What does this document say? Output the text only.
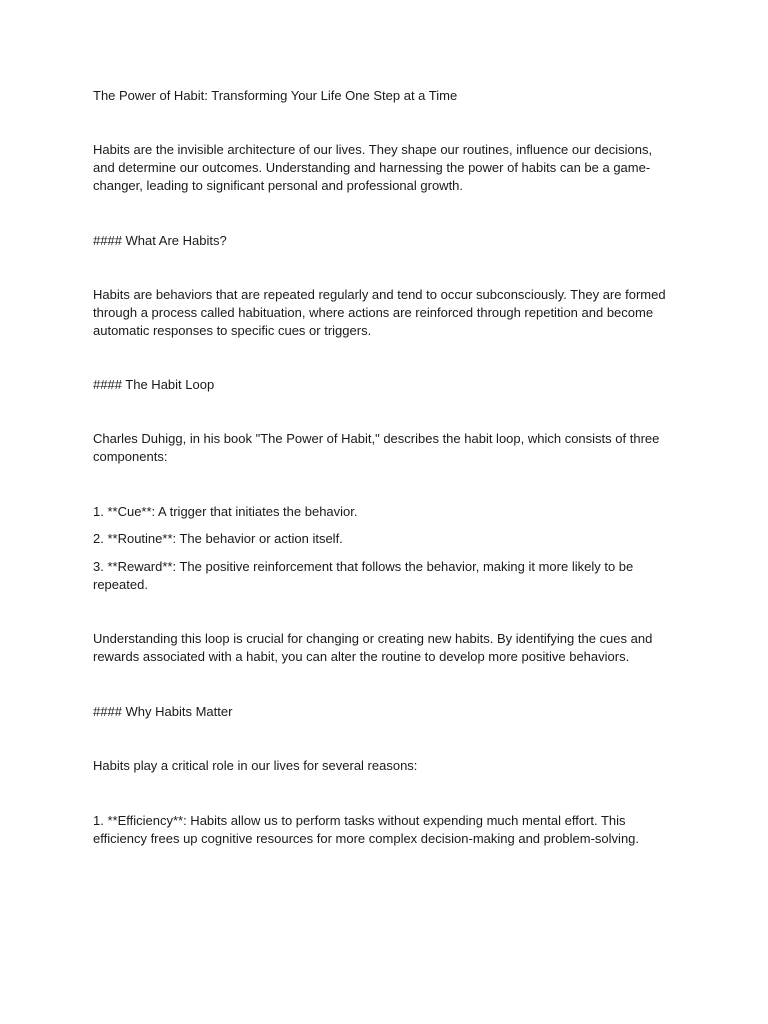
The Power of Habit: Transforming Your Life One Step at a Time

Habits are the invisible architecture of our lives. They shape our routines, influence our decisions, and determine our outcomes. Understanding and harnessing the power of habits can be a game-changer, leading to significant personal and professional growth.

#### What Are Habits?

Habits are behaviors that are repeated regularly and tend to occur subconsciously. They are formed through a process called habituation, where actions are reinforced through repetition and become automatic responses to specific cues or triggers.

#### The Habit Loop

Charles Duhigg, in his book "The Power of Habit," describes the habit loop, which consists of three components:

1. **Cue**: A trigger that initiates the behavior.

2. **Routine**: The behavior or action itself.

3. **Reward**: The positive reinforcement that follows the behavior, making it more likely to be repeated.

Understanding this loop is crucial for changing or creating new habits. By identifying the cues and rewards associated with a habit, you can alter the routine to develop more positive behaviors.

#### Why Habits Matter

Habits play a critical role in our lives for several reasons:

1. **Efficiency**: Habits allow us to perform tasks without expending much mental effort. This efficiency frees up cognitive resources for more complex decision-making and problem-solving.
